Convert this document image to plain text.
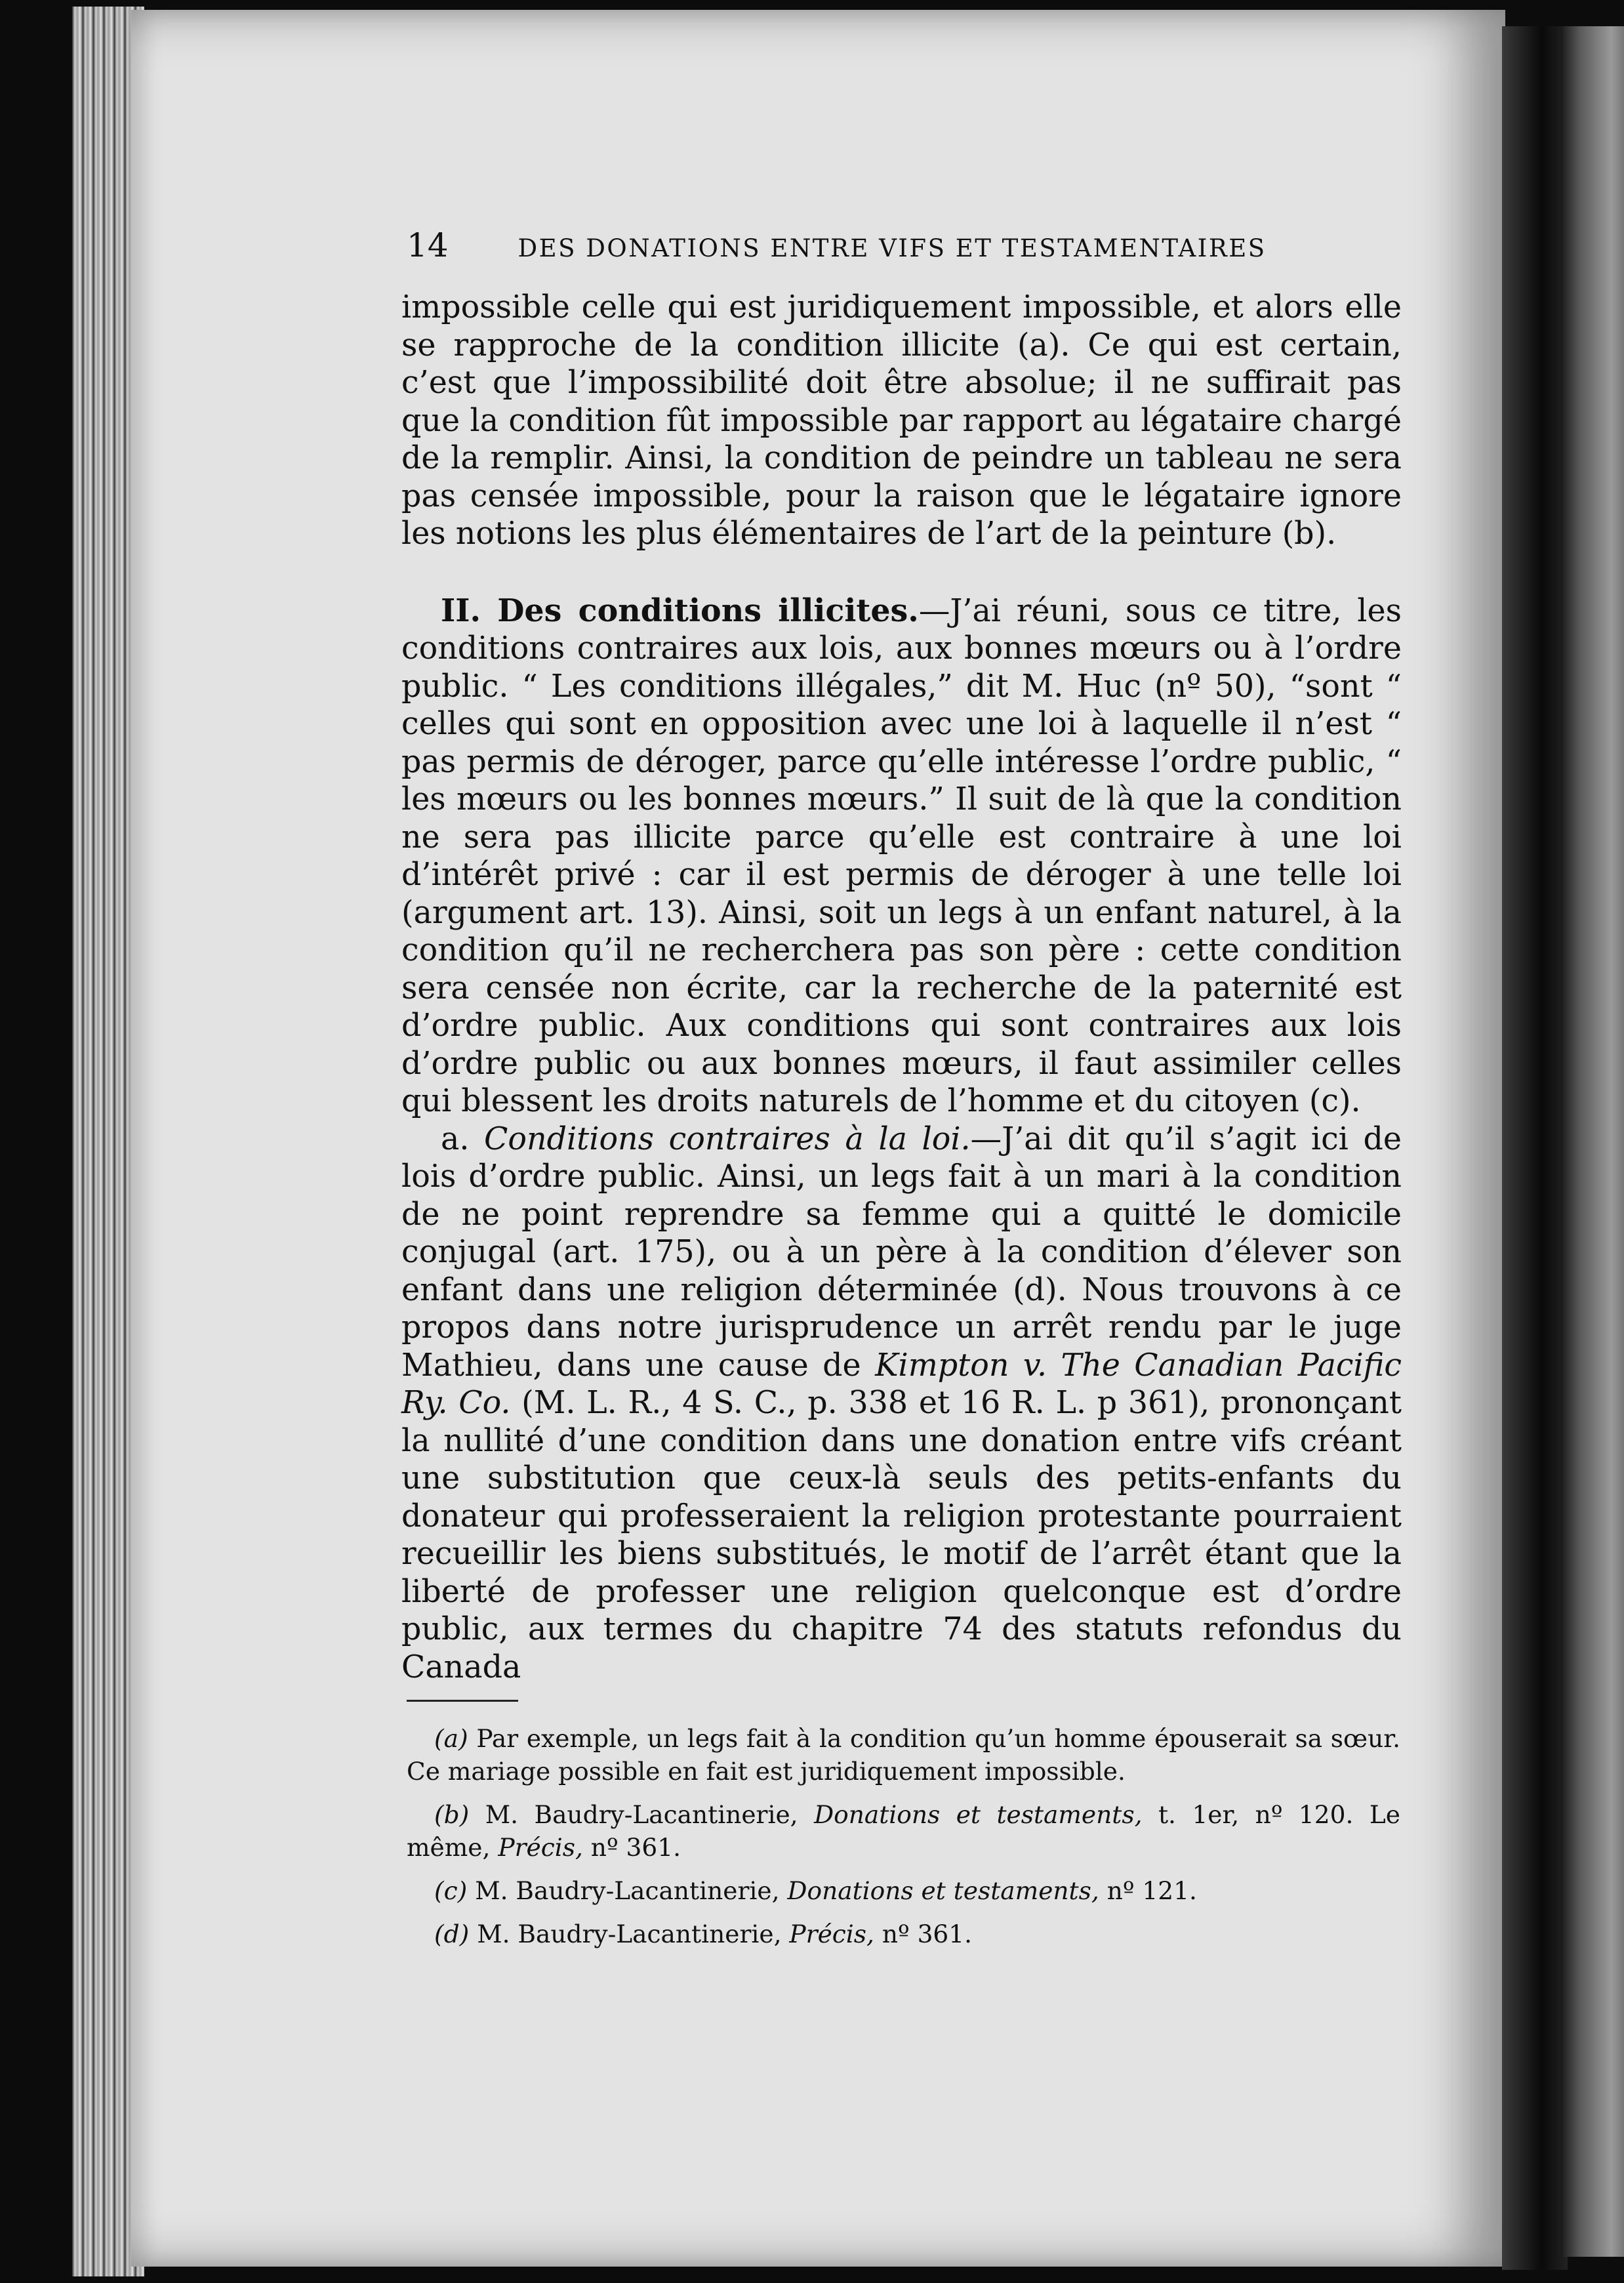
14	DES DONATIONS ENTRE VIFS ET TESTAMENTAIRES

impossible celle qui est juridiquement impossible, et alors elle se rapproche de la condition illicite (a). Ce qui est certain, c’est que l’impossibilité doit être absolue; il ne suffirait pas que la condition fût impossible par rapport au légataire chargé de la remplir. Ainsi, la condition de peindre un tableau ne sera pas censée impossible, pour la raison que le légataire ignore les notions les plus élémentaires de l’art de la peinture (b).

II. Des conditions illicites.—J’ai réuni, sous ce titre, les conditions contraires aux lois, aux bonnes mœurs ou à l’ordre public. “ Les conditions illégales,” dit M. Huc (nº 50), “sont “ celles qui sont en opposition avec une loi à laquelle il n’est “ pas permis de déroger, parce qu’elle intéresse l’ordre public, “ les mœurs ou les bonnes mœurs.” Il suit de là que la condition ne sera pas illicite parce qu’elle est contraire à une loi d’intérêt privé : car il est permis de déroger à une telle loi (argument art. 13). Ainsi, soit un legs à un enfant naturel, à la condition qu’il ne recherchera pas son père : cette condition sera censée non écrite, car la recherche de la paternité est d’ordre public. Aux conditions qui sont contraires aux lois d’ordre public ou aux bonnes mœurs, il faut assimiler celles qui blessent les droits naturels de l’homme et du citoyen (c).

a. Conditions contraires à la loi.—J’ai dit qu’il s’agit ici de lois d’ordre public. Ainsi, un legs fait à un mari à la condition de ne point reprendre sa femme qui a quitté le domicile conjugal (art. 175), ou à un père à la condition d’élever son enfant dans une religion déterminée (d). Nous trouvons à ce propos dans notre jurisprudence un arrêt rendu par le juge Mathieu, dans une cause de Kimpton v. The Canadian Pacific Ry. Co. (M. L. R., 4 S. C., p. 338 et 16 R. L. p 361), prononçant la nullité d’une condition dans une donation entre vifs créant une substitution que ceux-là seuls des petits-enfants du donateur qui professeraient la religion protestante pourraient recueillir les biens substitués, le motif de l’arrêt étant que la liberté de professer une religion quelconque est d’ordre public, aux termes du chapitre 74 des statuts refondus du Canada

(a) Par exemple, un legs fait à la condition qu’un homme épouserait sa sœur. Ce mariage possible en fait est juridiquement impossible.

(b) M. Baudry-Lacantinerie, Donations et testaments, t. 1er, nº 120. Le même, Précis, nº 361.

(c) M. Baudry-Lacantinerie, Donations et testaments, nº 121.

(d) M. Baudry-Lacantinerie, Précis, nº 361.
